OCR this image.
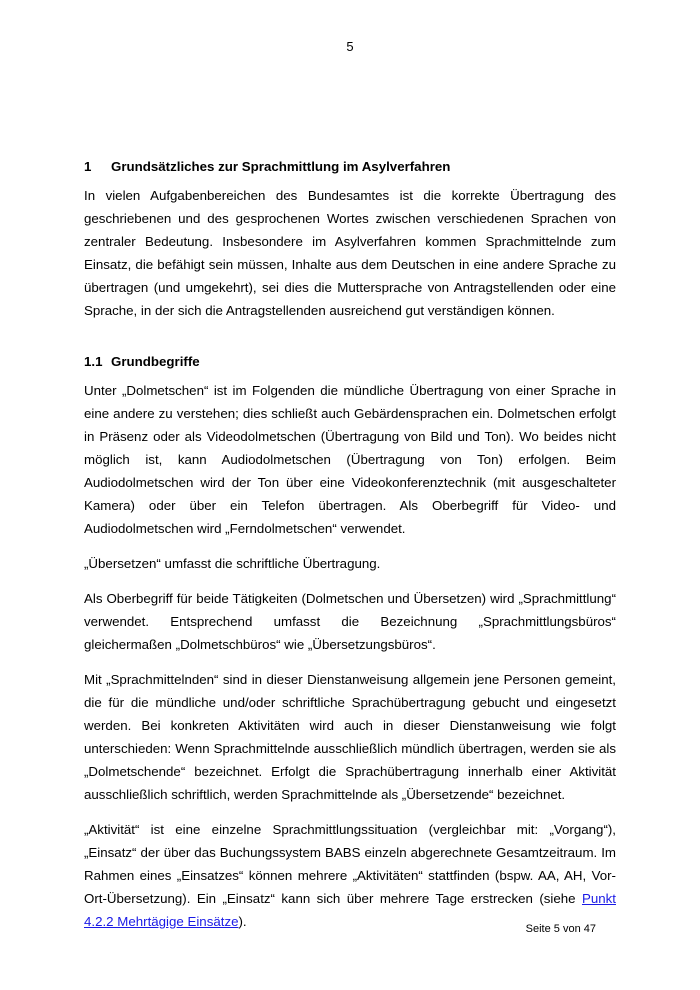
5
1 Grundsätzliches zur Sprachmittlung im Asylverfahren

In vielen Aufgabenbereichen des Bundesamtes ist die korrekte Übertragung des geschriebenen und des gesprochenen Wortes zwischen verschiedenen Sprachen von zentraler Bedeutung. Insbesondere im Asylverfahren kommen Sprachmittelnde zum Einsatz, die befähigt sein müssen, Inhalte aus dem Deutschen in eine andere Sprache zu übertragen (und umgekehrt), sei dies die Muttersprache von Antragstellenden oder eine Sprache, in der sich die Antragstellenden ausreichend gut verständigen können.

1.1 Grundbegriffe

Unter „Dolmetschen“ ist im Folgenden die mündliche Übertragung von einer Sprache in eine andere zu verstehen; dies schließt auch Gebärdensprachen ein. Dolmetschen erfolgt in Präsenz oder als Videodolmetschen (Übertragung von Bild und Ton). Wo beides nicht möglich ist, kann Audiodolmetschen (Übertragung von Ton) erfolgen. Beim Audiodolmetschen wird der Ton über eine Videokonferenztechnik (mit ausgeschalteter Kamera) oder über ein Telefon übertragen. Als Oberbegriff für Video- und Audiodolmetschen wird „Ferndolmetschen“ verwendet.

„Übersetzen“ umfasst die schriftliche Übertragung.

Als Oberbegriff für beide Tätigkeiten (Dolmetschen und Übersetzen) wird „Sprachmittlung“ verwendet. Entsprechend umfasst die Bezeichnung „Sprachmittlungsbüros“ gleichermaßen „Dolmetschbüros“ wie „Übersetzungsbüros“.

Mit „Sprachmittelnden“ sind in dieser Dienstanweisung allgemein jene Personen gemeint, die für die mündliche und/oder schriftliche Sprachübertragung gebucht und eingesetzt werden. Bei konkreten Aktivitäten wird auch in dieser Dienstanweisung wie folgt unterschieden: Wenn Sprachmittelnde ausschließlich mündlich übertragen, werden sie als „Dolmetschende“ bezeichnet. Erfolgt die Sprachübertragung innerhalb einer Aktivität ausschließlich schriftlich, werden Sprachmittelnde als „Übersetzende“ bezeichnet.

„Aktivität“ ist eine einzelne Sprachmittlungssituation (vergleichbar mit: „Vorgang“), „Einsatz“ der über das Buchungssystem BABS einzeln abgerechnete Gesamtzeitraum. Im Rahmen eines „Einsatzes“ können mehrere „Aktivitäten“ stattfinden (bspw. AA, AH, Vor-Ort-Übersetzung). Ein „Einsatz“ kann sich über mehrere Tage erstrecken (siehe Punkt 4.2.2 Mehrtägige Einsätze).	Seite 5 von 47
